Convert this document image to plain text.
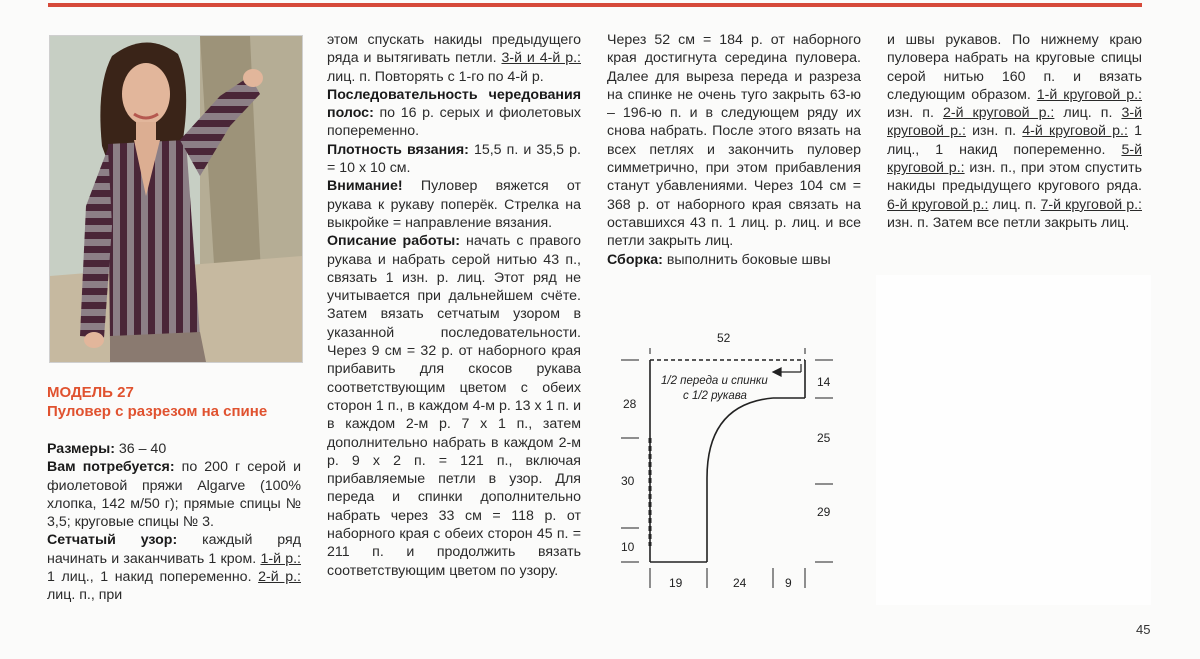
МОДЕЛЬ 27
Пуловер с разрезом на спине

Размеры: 36 – 40

Вам потребуется: по 200 г серой и фиолетовой пряжи Algarve (100% хлопка, 142 м/50 г); прямые спицы № 3,5; круговые спицы № 3.

Сетчатый узор: каждый ряд начинать и заканчивать 1 кром. 1-й р.: 1 лиц., 1 накид попеременно. 2-й р.: лиц. п., при

этом спускать накиды предыдущего ряда и вытягивать петли. 3-й и 4-й р.: лиц. п. Повторять с 1-го по 4-й р.

Последовательность чередования полос: по 16 р. серых и фиолетовых попеременно.

Плотность вязания: 15,5 п. и 35,5 р. = 10 х 10 см.

Внимание! Пуловер вяжется от рукава к рукаву поперёк. Стрелка на выкройке = направление вязания.

Описание работы: начать с правого рукава и набрать серой нитью 43 п., связать 1 изн. р. лиц. Этот ряд не учитывается при дальнейшем счёте. Затем вязать сетчатым узором в указанной последовательности. Через 9 см = 32 р. от наборного края прибавить для скосов рукава соответствующим цветом с обеих сторон 1 п., в каждом 4-м р. 13 х 1 п. и в каждом 2-м р. 7 х 1 п., затем дополнительно набрать в каждом 2-м р. 9 х 2 п. = 121 п., включая прибавляемые петли в узор. Для переда и спинки дополнительно набрать через 33 см = 118 р. от наборного края с обеих сторон 45 п. = 211 п. и продолжить вязать соответствующим цветом по узору.

Через 52 см = 184 р. от наборного края достигнута середина пуловера. Далее для выреза переда и разреза на спинке не очень туго закрыть 63-ю – 196-ю п. и в следующем ряду их снова набрать. После этого вязать на всех петлях и закончить пуловер симметрично, при этом прибавления станут убавлениями. Через 104 см = 368 р. от наборного края связать на оставшихся 43 п. 1 лиц. р. лиц. и все петли закрыть лиц.

Сборка: выполнить боковые швы

52
28
30
10
14
25
29
19	24	9
1/2 переда и спинки
с 1/2 рукава

и швы рукавов. По нижнему краю пуловера набрать на круговые спицы серой нитью 160 п. и вязать следующим образом. 1-й круговой р.: изн. п. 2-й круговой р.: лиц. п. 3-й круговой р.: изн. п. 4-й круговой р.: 1 лиц., 1 накид попеременно. 5-й круговой р.: изн. п., при этом спустить накиды предыдущего кругового ряда. 6-й круговой р.: лиц. п. 7-й круговой р.: изн. п. Затем все петли закрыть лиц.

45
